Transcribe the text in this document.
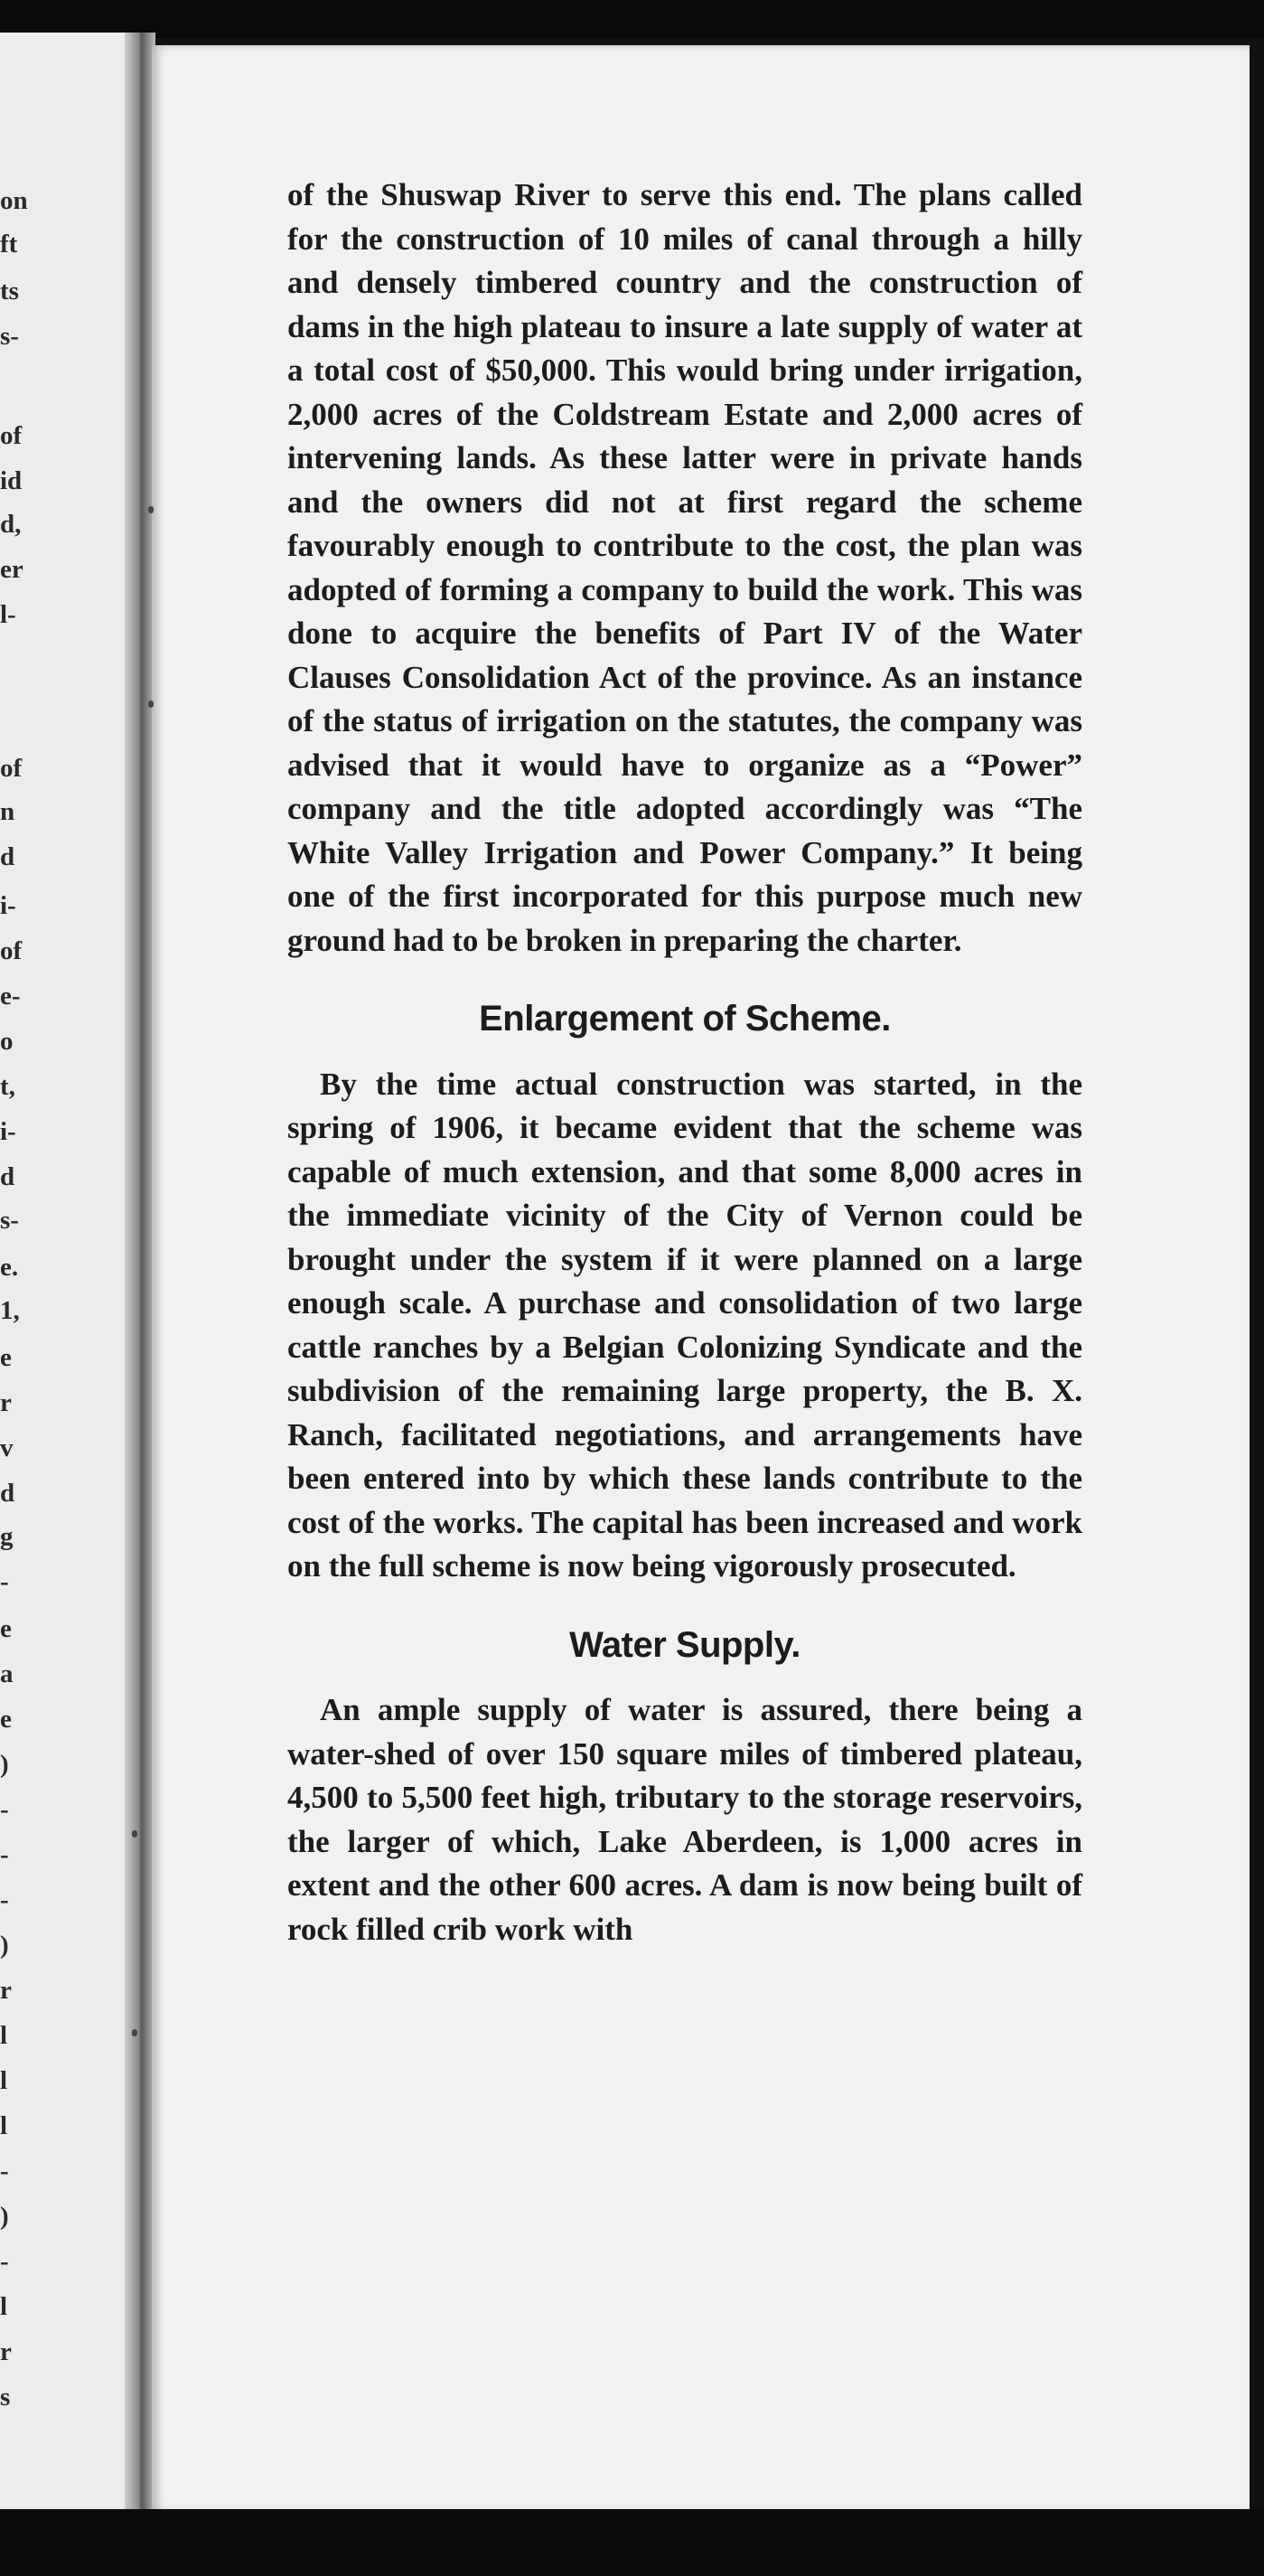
on
ft
ts
s-
of
id
d,
er
l-
of
n
d
i-
of
e-
o
t,
i-
d
s-
e.
1,
e
r
v
d
g
-
e
a
e
)
-
-
-
)
r
l
l
l
-
)
-
l
r
s

of the Shuswap River to serve this end. The plans called for the construction of 10 miles of canal through a hilly and densely timbered country and the construction of dams in the high plateau to insure a late supply of water at a total cost of $50,000. This would bring under irrigation, 2,000 acres of the Coldstream Estate and 2,000 acres of intervening lands. As these latter were in private hands and the owners did not at first regard the scheme favourably enough to contribute to the cost, the plan was adopted of forming a company to build the work. This was done to acquire the benefits of Part IV of the Water Clauses Consolidation Act of the province. As an instance of the status of irrigation on the statutes, the company was advised that it would have to organize as a “Power” company and the title adopted accordingly was “The White Valley Irrigation and Power Company.” It being one of the first incorporated for this purpose much new ground had to be broken in preparing the charter.

Enlargement of Scheme.

By the time actual construction was started, in the spring of 1906, it became evident that the scheme was capable of much extension, and that some 8,000 acres in the immediate vicinity of the City of Vernon could be brought under the system if it were planned on a large enough scale. A purchase and consolidation of two large cattle ranches by a Belgian Colonizing Syndicate and the subdivision of the remaining large property, the B. X. Ranch, facilitated negotiations, and arrangements have been entered into by which these lands contribute to the cost of the works. The capital has been increased and work on the full scheme is now being vigorously prosecuted.

Water Supply.

An ample supply of water is assured, there being a water-shed of over 150 square miles of timbered plateau, 4,500 to 5,500 feet high, tributary to the storage reservoirs, the larger of which, Lake Aberdeen, is 1,000 acres in extent and the other 600 acres. A dam is now being built of rock filled crib work with
